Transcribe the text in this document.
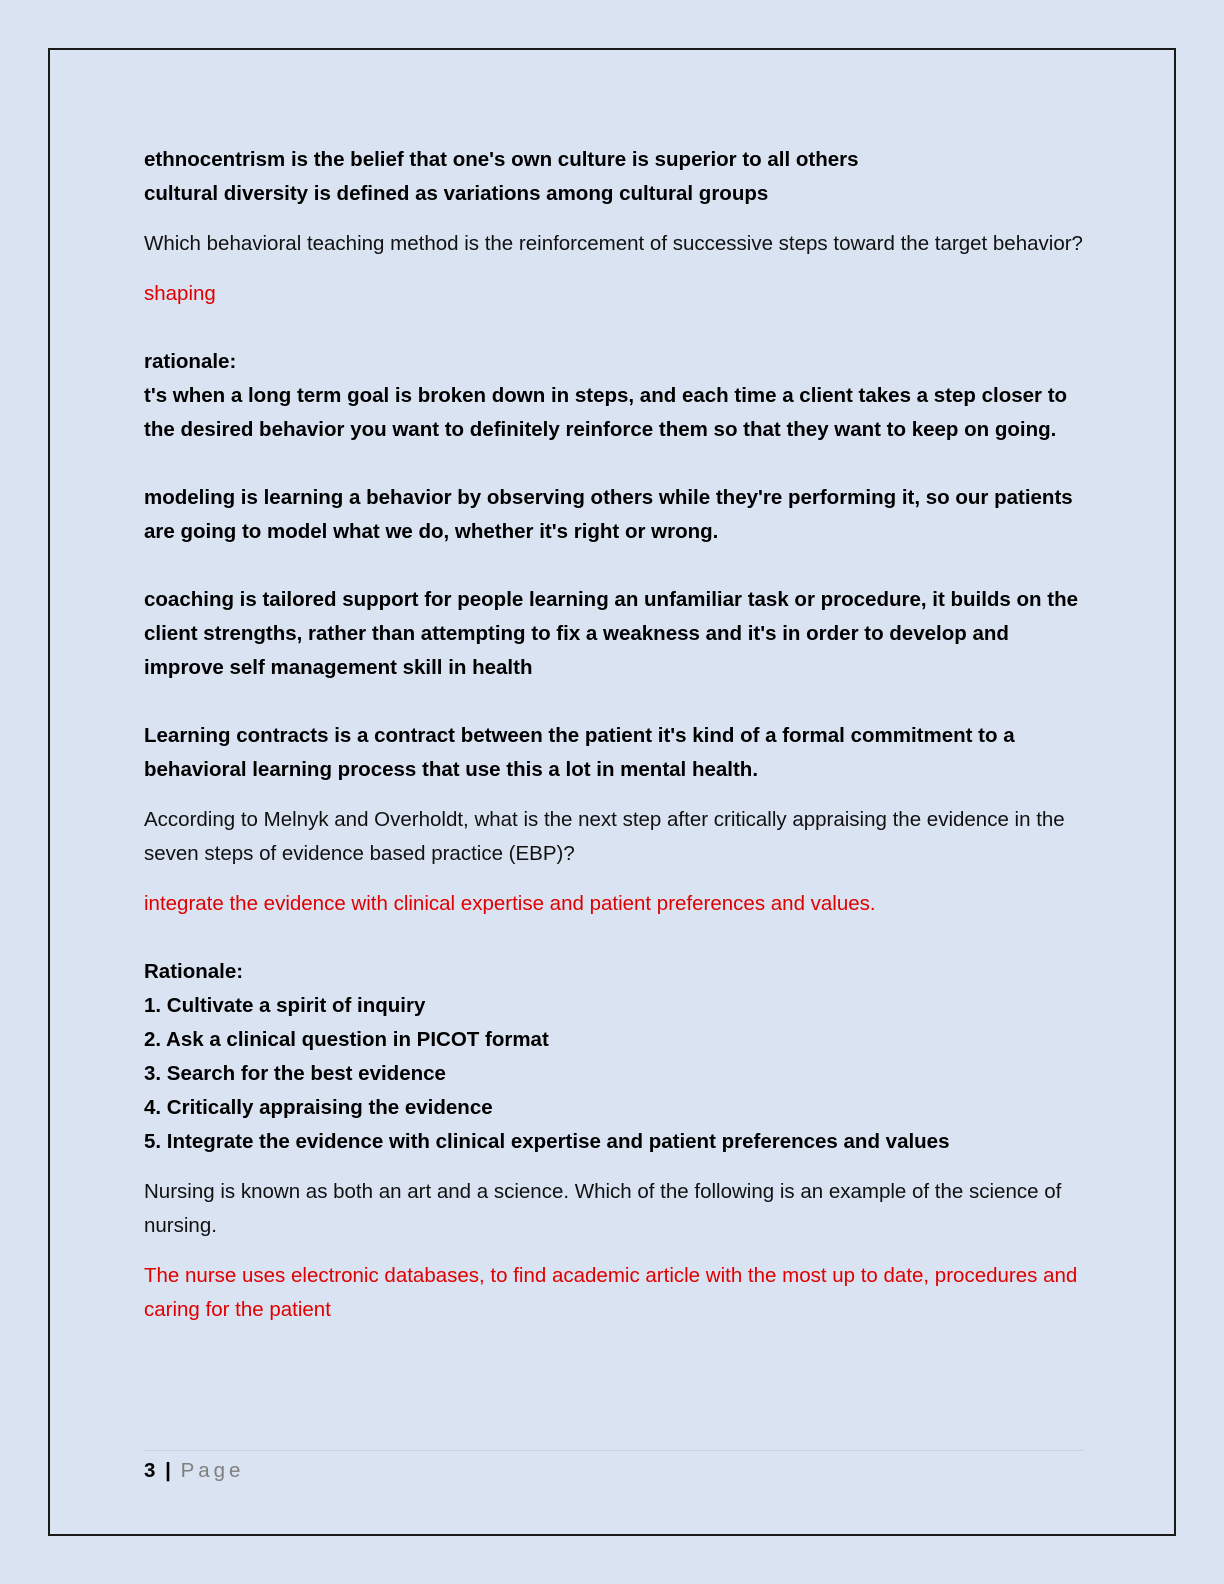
ethnocentrism is the belief that one's own culture is superior to all others

cultural diversity is defined as variations among cultural groups

Which behavioral teaching method is the reinforcement of successive steps toward the target behavior?

shaping

rationale:

t's when a long term goal is broken down in steps, and each time a client takes a step closer to the desired behavior you want to definitely reinforce them so that they want to keep on going.

modeling is learning a behavior by observing others while they're performing it, so our patients are going to model what we do, whether it's right or wrong.

coaching is tailored support for people learning an unfamiliar task or procedure, it builds on the client strengths, rather than attempting to fix a weakness and it's in order to develop and improve self management skill in health

Learning contracts is a contract between the patient it's kind of a formal commitment to a behavioral learning process that use this a lot in mental health.

According to Melnyk and Overholdt, what is the next step after critically appraising the evidence in the seven steps of evidence based practice (EBP)?

integrate the evidence with clinical expertise and patient preferences and values.

Rationale:

1. Cultivate a spirit of inquiry

2. Ask a clinical question in PICOT format

3. Search for the best evidence

4. Critically appraising the evidence

5. Integrate the evidence with clinical expertise and patient preferences and values

Nursing is known as both an art and a science. Which of the following is an example of the science of nursing.

The nurse uses electronic databases, to find academic article with the most up to date, procedures and caring for the patient

3 | Page
